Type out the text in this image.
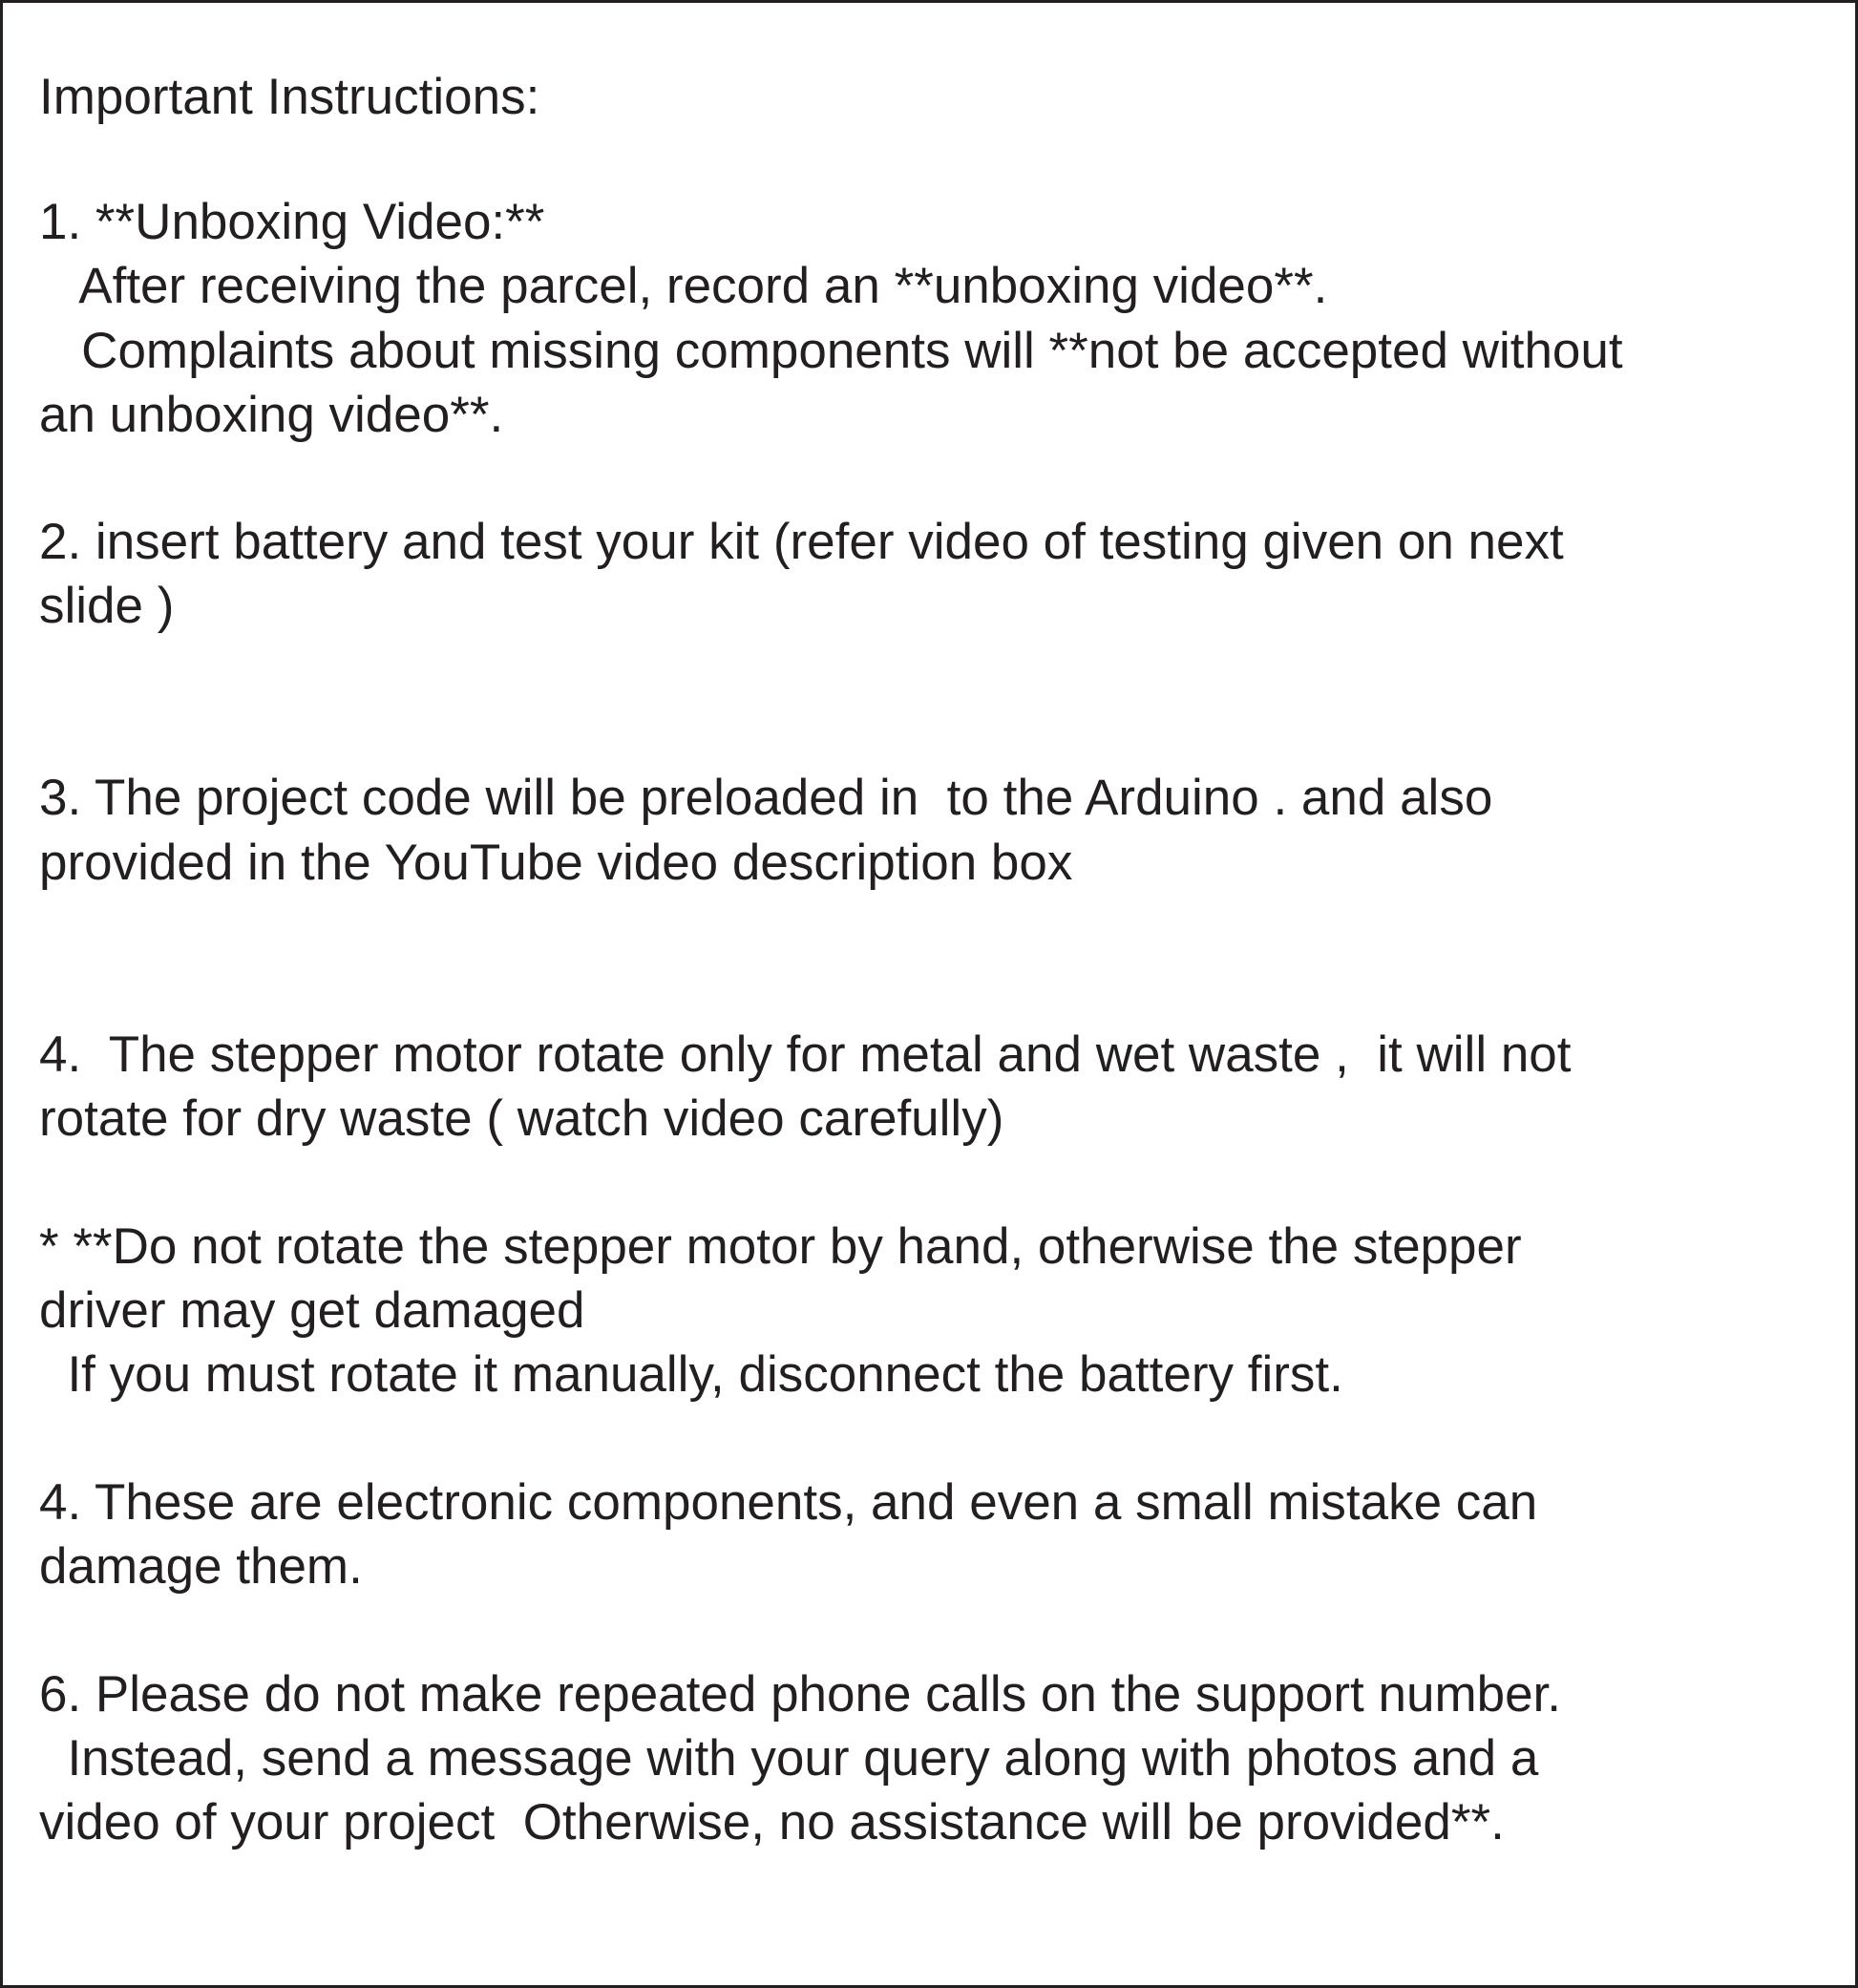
Important Instructions:

1. **Unboxing Video:**

After receiving the parcel, record an **unboxing video**.

Complaints about missing components will **not be accepted without

an unboxing video**.

2. insert battery and test your kit (refer video of testing given on next

slide )

3. The project code will be preloaded in  to the Arduino . and also

provided in the YouTube video description box

4.  The stepper motor rotate only for metal and wet waste ,  it will not

rotate for dry waste ( watch video carefully)

* **Do not rotate the stepper motor by hand, otherwise the stepper

driver may get damaged

If you must rotate it manually, disconnect the battery first.

4. These are electronic components, and even a small mistake can

damage them.

6. Please do not make repeated phone calls on the support number.

Instead, send a message with your query along with photos and a

video of your project  Otherwise, no assistance will be provided**.
